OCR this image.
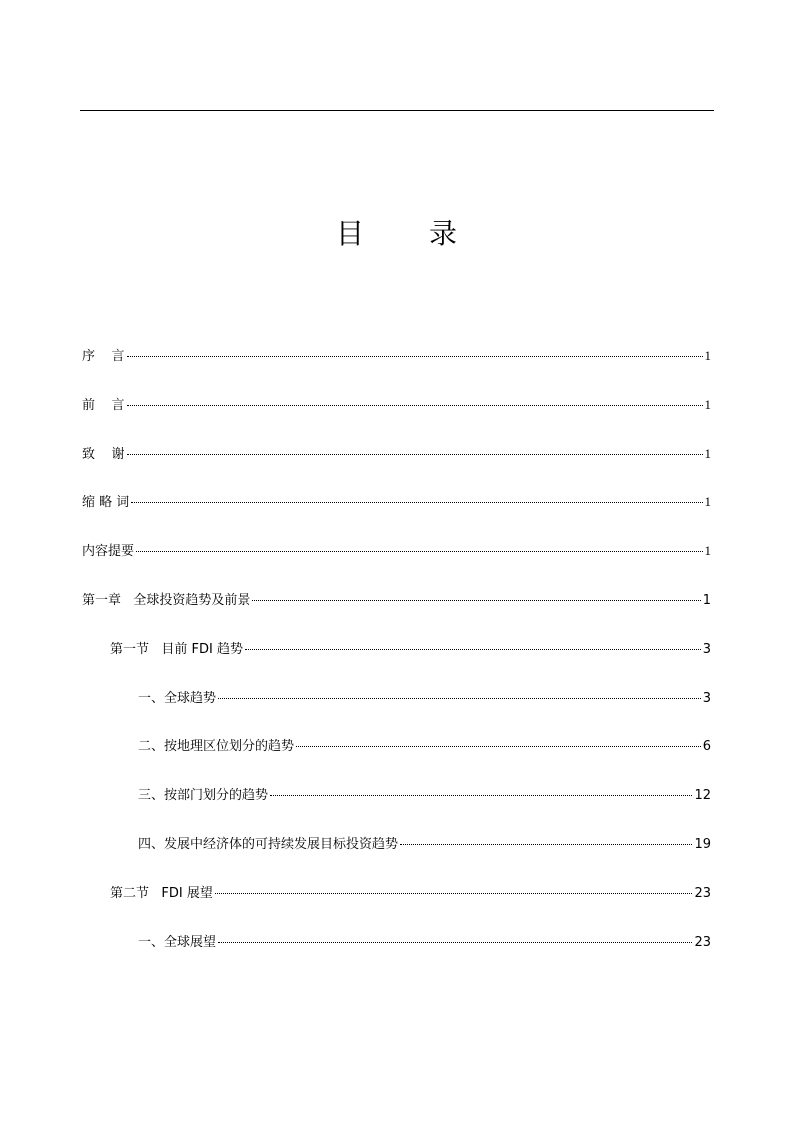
目 录
序    言	1
前    言	1
致    谢	1
缩 略 词	1
内容提要	1
第一章   全球投资趋势及前景	1
第一节   目前 FDI 趋势	3
一、全球趋势	3
二、按地理区位划分的趋势	6
三、按部门划分的趋势	12
四、发展中经济体的可持续发展目标投资趋势	19
第二节   FDI 展望	23
一、全球展望	23
